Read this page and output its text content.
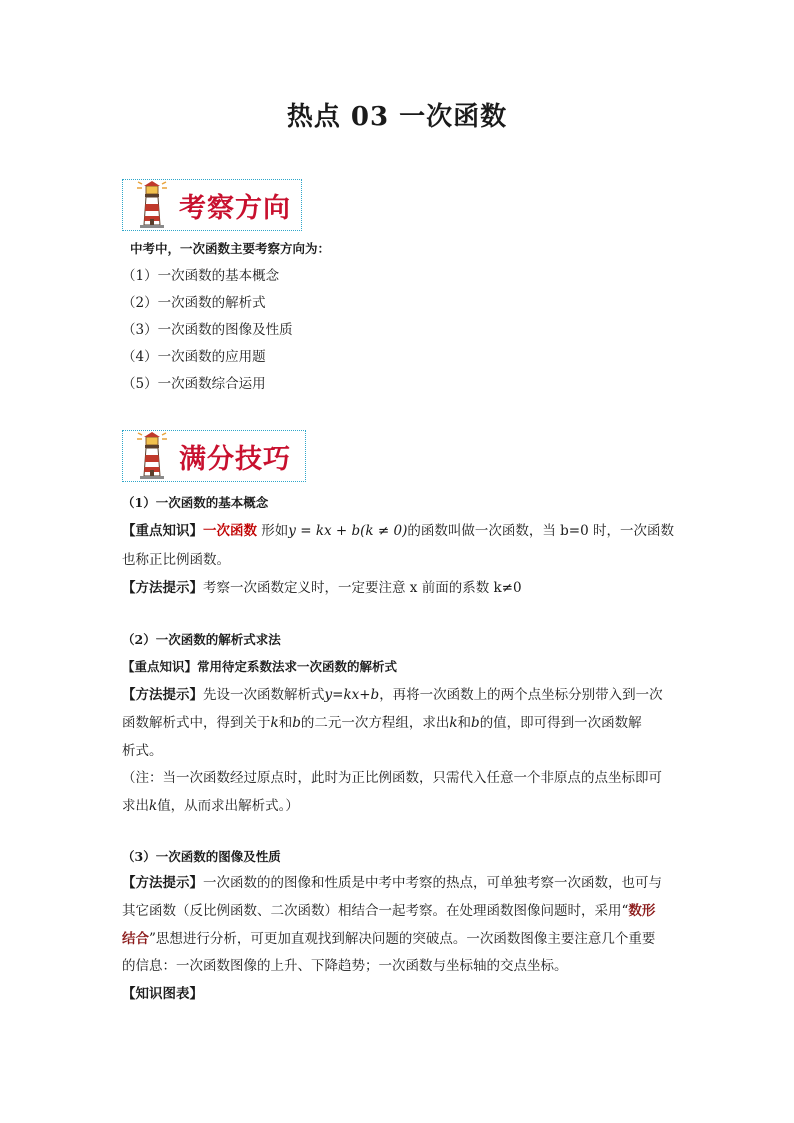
热点 03 一次函数
考察方向
中考中，一次函数主要考察方向为：
（1）一次函数的基本概念
（2）一次函数的解析式
（3）一次函数的图像及性质
（4）一次函数的应用题
（5）一次函数综合运用
满分技巧
（1）一次函数的基本概念
【重点知识】一次函数 形如y = kx + b(k ≠ 0)的函数叫做一次函数，当 b=0 时，一次函数
也称正比例函数。
【方法提示】考察一次函数定义时，一定要注意 x 前面的系数 k≠0
（2）一次函数的解析式求法
【重点知识】常用待定系数法求一次函数的解析式
【方法提示】先设一次函数解析式y=kx+b，再将一次函数上的两个点坐标分别带入到一次
函数解析式中，得到关于k和b的二元一次方程组，求出k和b的值，即可得到一次函数解
析式。
（注：当一次函数经过原点时，此时为正比例函数，只需代入任意一个非原点的点坐标即可
求出k值，从而求出解析式。）
（3）一次函数的图像及性质
【方法提示】一次函数的的图像和性质是中考中考察的热点，可单独考察一次函数，也可与
其它函数（反比例函数、二次函数）相结合一起考察。在处理函数图像问题时，采用“数形
结合”思想进行分析，可更加直观找到解决问题的突破点。一次函数图像主要注意几个重要
的信息：一次函数图像的上升、下降趋势；一次函数与坐标轴的交点坐标。
【知识图表】
